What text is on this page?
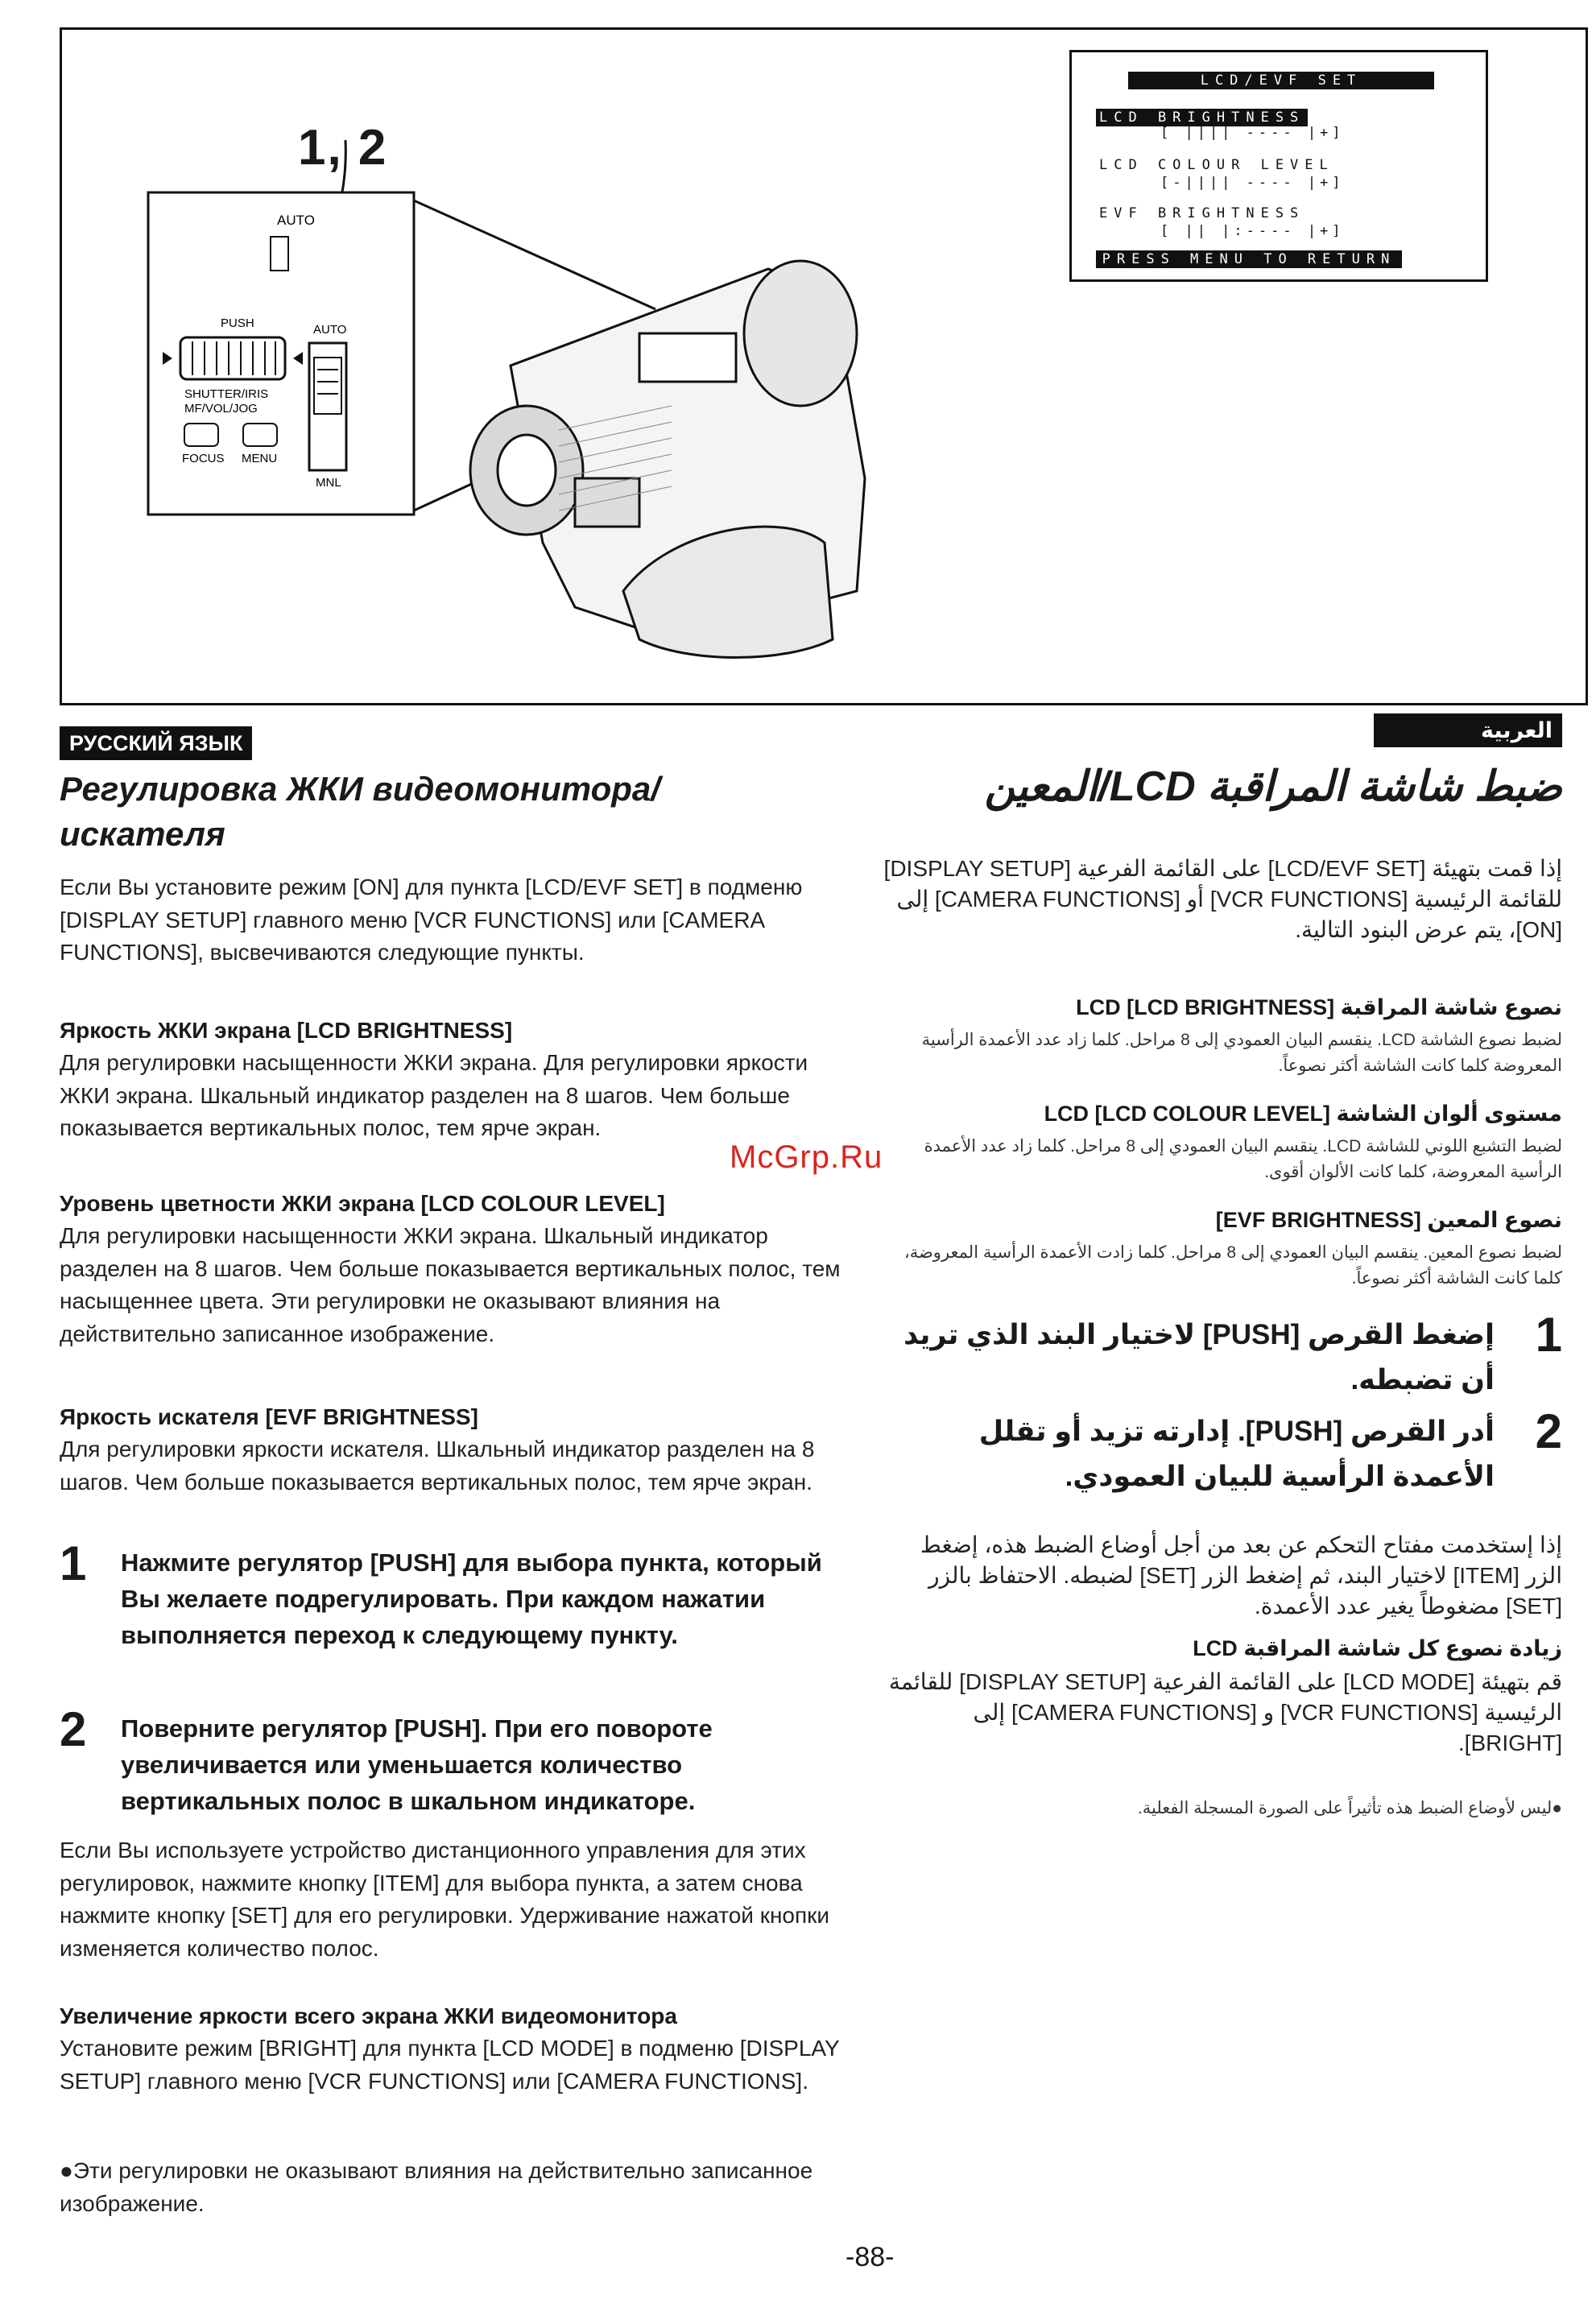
1, 2
AUTO
PUSH
SHUTTER/IRIS
MF/VOL/JOG
FOCUS MENU
AUTO
MNL
LCD/EVF SET
LCD BRIGHTNESS
[ |||| ---- |+]
LCD COLOUR LEVEL
[-|||| ---- |+]
EVF BRIGHTNESS
[ || |:---- |+]
PRESS MENU TO RETURN
РУССКИЙ ЯЗЫК
Регулировка ЖКИ видеомонитора/ искателя
Если Вы установите режим [ON] для пункта [LCD/EVF SET] в подменю [DISPLAY SETUP] главного меню [VCR FUNCTIONS] или [CAMERA FUNCTIONS], высвечиваются следующие пункты.
Яркость ЖКИ экрана [LCD BRIGHTNESS]
Для регулировки насыщенности ЖКИ экрана. Для регулировки яркости ЖКИ экрана. Шкальный индикатор разделен на 8 шагов. Чем больше показывается вертикальных полос, тем ярче экран.
Уровень цветности ЖКИ экрана [LCD COLOUR LEVEL]
Для регулировки насыщенности ЖКИ экрана. Шкальный индикатор разделен на 8 шагов. Чем больше показывается вертикальных полос, тем насыщеннее цвета. Эти регулировки не оказывают влияния на действительно записанное изображение.
Яркость искателя [EVF BRIGHTNESS]
Для регулировки яркости искателя. Шкальный индикатор разделен на 8 шагов. Чем больше показывается вертикальных полос, тем ярче экран.
1 Нажмите регулятор [PUSH] для выбора пункта, который Вы желаете подрегулировать. При каждом нажатии выполняется переход к следующему пункту.
2 Поверните регулятор [PUSH]. При его повороте увеличивается или уменьшается количество вертикальных полос в шкальном индикаторе.
Если Вы используете устройство дистанционного управления для этих регулировок, нажмите кнопку [ITEM] для выбора пункта, а затем снова нажмите кнопку [SET] для его регулировки. Удерживание нажатой кнопки изменяется количество полос.
Увеличение яркости всего экрана ЖКИ видеомонитора
Установите режим [BRIGHT] для пункта [LCD MODE] в подменю [DISPLAY SETUP] главного меню [VCR FUNCTIONS] или [CAMERA FUNCTIONS].
●Эти регулировки не оказывают влияния на действительно записанное изображение.
العربية
ضبط شاشة المراقبة LCD/المعين
إذا قمت بتهيئة [LCD/EVF SET] على القائمة الفرعية [DISPLAY SETUP] للقائمة الرئيسية [VCR FUNCTIONS] أو [CAMERA FUNCTIONS] إلى [ON]، يتم عرض البنود التالية.
نصوع شاشة المراقبة LCD [LCD BRIGHTNESS]
لضبط نصوع الشاشة LCD. ينقسم البيان العمودي إلى 8 مراحل. كلما زاد عدد الأعمدة الرأسية المعروضة كلما كانت الشاشة أكثر نصوعاً.
مستوى ألوان الشاشة LCD [LCD COLOUR LEVEL]
لضبط التشبع اللوني للشاشة LCD. ينقسم البيان العمودي إلى 8 مراحل. كلما زاد عدد الأعمدة الرأسية المعروضة، كلما كانت الألوان أقوى.
نصوع المعين [EVF BRIGHTNESS]
لضبط نصوع المعين. ينقسم البيان العمودي إلى 8 مراحل. كلما زادت الأعمدة الرأسية المعروضة، كلما كانت الشاشة أكثر نصوعاً.
1
إضغط القرص [PUSH] لاختيار البند الذي تريد أن تضبطه.
2
أدر القرص [PUSH]. إدارته تزيد أو تقلل الأعمدة الرأسية للبيان العمودي.
إذا إستخدمت مفتاح التحكم عن بعد من أجل أوضاع الضبط هذه، إضغط الزر [ITEM] لاختيار البند، ثم إضغط الزر [SET] لضبطه. الاحتفاظ بالزر [SET] مضغوطاً يغير عدد الأعمدة.
زيادة نصوع كل شاشة المراقبة LCD
قم بتهيئة [LCD MODE] على القائمة الفرعية [DISPLAY SETUP] للقائمة الرئيسية [VCR FUNCTIONS] و [CAMERA FUNCTIONS] إلى [BRIGHT].
●ليس لأوضاع الضبط هذه تأثيراً على الصورة المسجلة الفعلية.
McGrp.Ru
-88-
